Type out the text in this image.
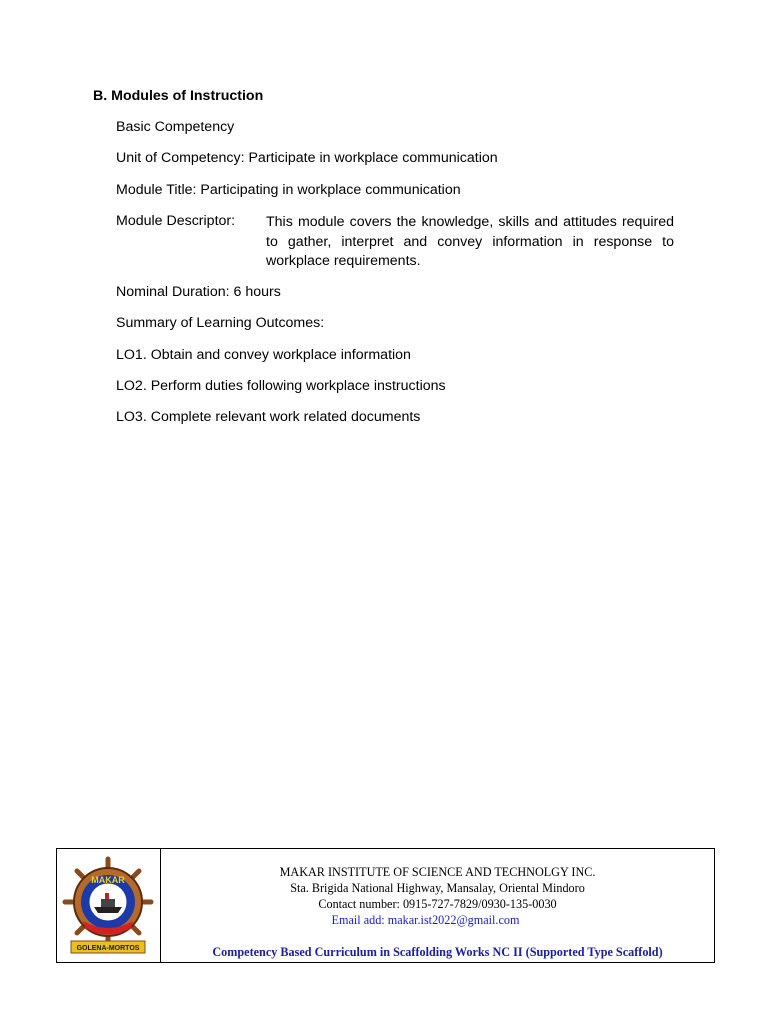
B. Modules of Instruction
Basic Competency
Unit of Competency: Participate in workplace communication
Module Title: Participating in workplace communication
Module Descriptor: This module covers the knowledge, skills and attitudes required to gather, interpret and convey information in response to workplace requirements.
Nominal Duration: 6 hours
Summary of Learning Outcomes:
LO1. Obtain and convey workplace information
LO2. Perform duties following workplace instructions
LO3. Complete relevant work related documents
MAKAR
GOLENA-MORTOS
MAKAR INSTITUTE OF SCIENCE AND TECHNOLGY INC.
Sta. Brigida National Highway, Mansalay, Oriental Mindoro
Contact number: 0915-727-7829/0930-135-0030
Email add: makar.ist2022@gmail.com
Competency Based Curriculum in Scaffolding Works NC II (Supported Type Scaffold)
